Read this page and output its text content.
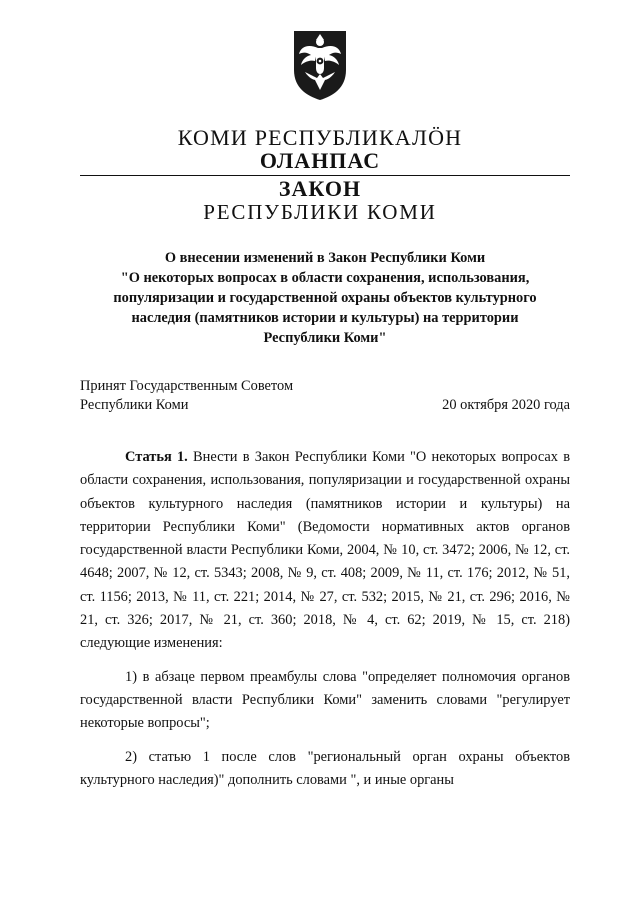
КОМИ РЕСПУБЛИКАЛÖН
ОЛАНПАС
ЗАКОН
РЕСПУБЛИКИ КОМИ
О внесении изменений в Закон Республики Коми
"О некоторых вопросах в области сохранения, использования,
популяризации и государственной охраны объектов культурного
наследия (памятников истории и культуры) на территории
Республики Коми"
Принят Государственным Советом
Республики Коми	20 октября 2020 года

Статья 1. Внести в Закон Республики Коми "О некоторых вопросах в области сохранения, использования, популяризации и государственной охраны объектов культурного наследия (памятников истории и культуры) на территории Республики Коми" (Ведомости нормативных актов органов государственной власти Республики Коми, 2004, № 10, ст. 3472; 2006, № 12, ст. 4648; 2007, № 12, ст. 5343; 2008, № 9, ст. 408; 2009, № 11, ст. 176; 2012, № 51, ст. 1156; 2013, № 11, ст. 221; 2014, № 27, ст. 532; 2015, № 21, ст. 296; 2016, № 21, ст. 326; 2017, № 21, ст. 360; 2018, № 4, ст. 62; 2019, № 15, ст. 218) следующие изменения:

1) в абзаце первом преамбулы слова "определяет полномочия органов государственной власти Республики Коми" заменить словами "регулирует некоторые вопросы";

2) статью 1 после слов "региональный орган охраны объектов культурного наследия)" дополнить словами ", и иные органы
